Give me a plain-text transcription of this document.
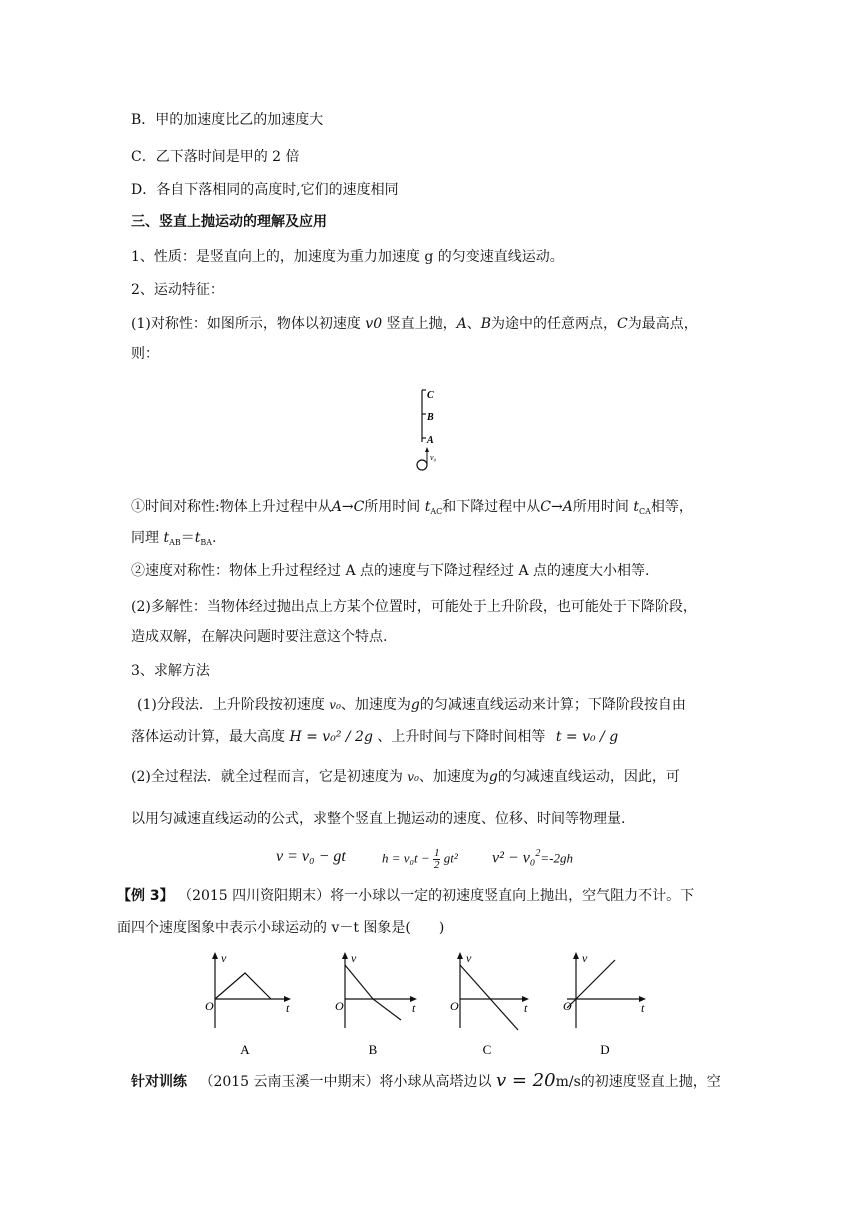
B．甲的加速度比乙的加速度大
C．乙下落时间是甲的 2 倍
D．各自下落相同的高度时,它们的速度相同
三、竖直上抛运动的理解及应用
1、性质：是竖直向上的，加速度为重力加速度 g 的匀变速直线运动。
2、运动特征：
(1)对称性：如图所示，物体以初速度 v0 竖直上抛，A、B为途中的任意两点，C为最高点，
则：
C
B
A
v₀
①时间对称性:物体上升过程中从A→C所用时间 $t_{AC}$和下降过程中从C→A所用时间 $t_{CA}$相等，
同理 $t_{AB}=t_{BA}$.
②速度对称性：物体上升过程经过 A 点的速度与下降过程经过 A 点的速度大小相等.
(2)多解性：当物体经过抛出点上方某个位置时，可能处于上升阶段，也可能处于下降阶段，
造成双解，在解决问题时要注意这个特点.
3、求解方法
(1)分段法．上升阶段按初速度 v₀、加速度为g的匀减速直线运动来计算；下降阶段按自由
落体运动计算，最大高度 H = v₀² / 2g 、上升时间与下降时间相等 t = v₀ / g
(2)全过程法．就全过程而言，它是初速度为 v₀、加速度为g的匀减速直线运动，因此，可
以用匀减速直线运动的公式，求整个竖直上抛运动的速度、位移、时间等物理量.
v = v₀ − gt	$h = v_0t - \frac{1}{2} gt^2$ v² − v₀$^2$=-2gh
【例 3】 （2015 四川资阳期末）将一小球以一定的初速度竖直向上抛出，空气阻力不计。下
面四个速度图象中表示小球运动的 v－t 图象是(　　)
v
O	t
A
v
O	t
B
v
O	t
C
v
O	t
D
针对训练 （2015 云南玉溪一中期末）将小球从高塔边以 v = 20m/s的初速度竖直上抛，空
